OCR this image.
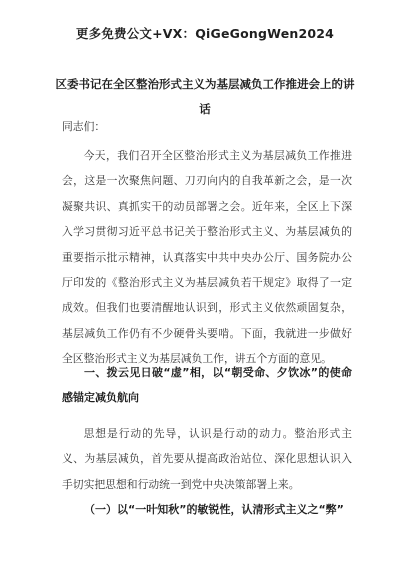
更多免费公文+VX：QiGeGongWen2024
区委书记在全区整治形式主义为基层减负工作推进会上的讲话
同志们：

今天，我们召开全区整治形式主义为基层减负工作推进会，这是一次聚焦问题、刀刃向内的自我革新之会，是一次凝聚共识、真抓实干的动员部署之会。近年来，全区上下深入学习贯彻习近平总书记关于整治形式主义、为基层减负的重要指示批示精神，认真落实中共中央办公厅、国务院办公厅印发的《整治形式主义为基层减负若干规定》取得了一定成效。但我们也要清醒地认识到，形式主义依然顽固复杂，基层减负工作仍有不少硬骨头要啃。下面，我就进一步做好全区整治形式主义为基层减负工作，讲五个方面的意见。

一、拨云见日破“虚”相，以“朝受命、夕饮冰”的使命感锚定减负航向

思想是行动的先导，认识是行动的动力。整治形式主义、为基层减负，首先要从提高政治站位、深化思想认识入手切实把思想和行动统一到党中央决策部署上来。

（一）以“一叶知秋”的敏锐性，认清形式主义之“弊”
